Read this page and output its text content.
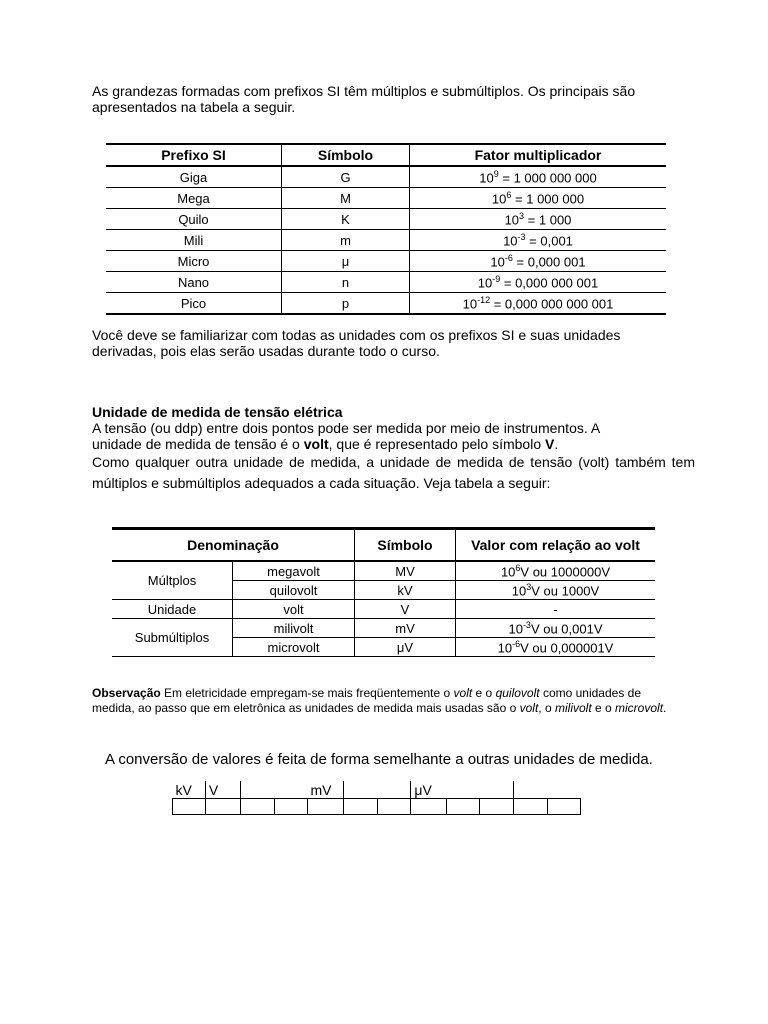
As grandezas formadas com prefixos SI têm múltiplos e submúltiplos. Os principais são apresentados na tabela a seguir.
Prefixo SI	Símbolo	Fator multiplicador
Giga	G	$10^9 = 1$ 000 000 000
Mega	M	$10^6 = 1$ 000 000
Quilo	K	$10^3 = 1$ 000
Mili	m	$10^{-3} = 0,001$
Micro	μ	$10^{-6} = 0,000$ 001
Nano	n	$10^{-9} = 0,000$ 000 001
Pico	p	$10^{-12} = 0,000$ 000 000 001
Você deve se familiarizar com todas as unidades com os prefixos SI e suas unidades derivadas, pois elas serão usadas durante todo o curso.
Unidade de medida de tensão elétrica
A tensão (ou ddp) entre dois pontos pode ser medida por meio de instrumentos. A
unidade de medida de tensão é o volt, que é representado pelo símbolo V.
Como qualquer outra unidade de medida, a unidade de medida de tensão (volt) também tem múltiplos e submúltiplos adequados a cada situação. Veja tabela a seguir:
Denominação		Símbolo	Valor com relação ao volt
Múltplos	megavolt	MV	$10^6V$ ou 1000000V
	quilovolt	kV	$10^3V$ ou 1000V
Unidade	volt	V	-
Submúltiplos	milivolt	mV	$10^{-3}V$ ou 0,001V
	microvolt	μV	$10^{-6}V$ ou 0,000001V
Observação Em eletricidade empregam-se mais freqüentemente o volt e o quilovolt como unidades de medida, ao passo que em eletrônica as unidades de medida mais usadas são o volt, o milivolt e o microvolt.
A conversão de valores é feita de forma semelhante a outras unidades de medida.
kV	V			mV			μV				
